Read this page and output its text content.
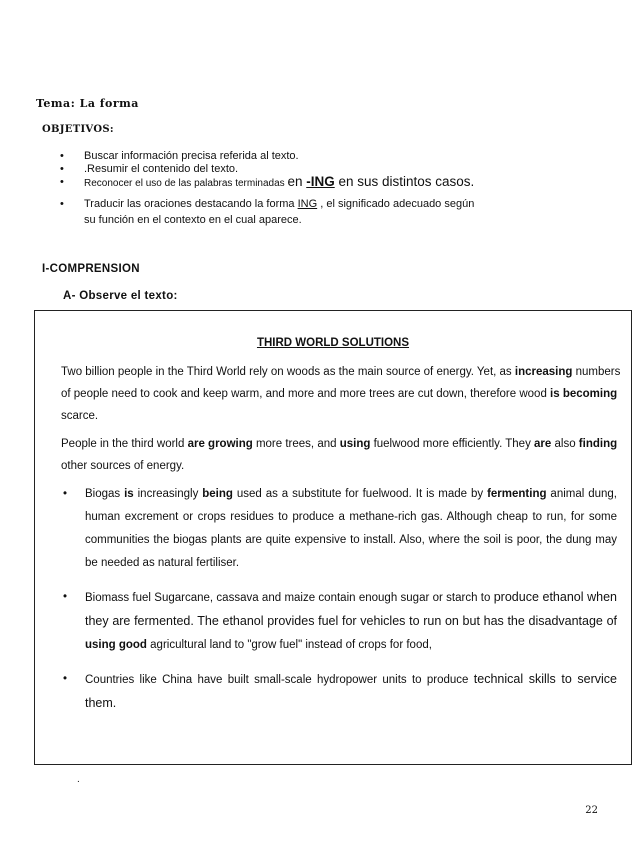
Tema: La forma
OBJETIVOS:
• Buscar información precisa referida al texto.
• .Resumir el contenido del texto.
• Reconocer el uso de las palabras terminadas en -ING en sus distintos casos.
• Traducir las oraciones destacando la forma ING , el significado adecuado según
su función en el contexto en el cual aparece.
I-COMPRENSION
A- Observe el texto:
THIRD WORLD SOLUTIONS
Two billion people in the Third World rely on woods as the main source of energy. Yet, as increasing numbers of people need to cook and keep warm, and more and more trees are cut down, therefore wood is becoming scarce.
People in the third world are growing more trees, and using fuelwood more efficiently. They are also finding other sources of energy.
• Biogas is increasingly being used as a substitute for fuelwood. It is made by fermenting animal dung, human excrement or crops residues to produce a methane-rich gas. Although cheap to run, for some communities the biogas plants are quite expensive to install. Also, where the soil is poor, the dung may be needed as natural fertiliser.
• Biomass fuel Sugarcane, cassava and maize contain enough sugar or starch to produce ethanol when they are fermented. The ethanol provides fuel for vehicles to run on but has the disadvantage of using good agricultural land to "grow fuel" instead of crops for food,
• Countries like China have built small-scale hydropower units to produce technical skills to service them.
.
22
